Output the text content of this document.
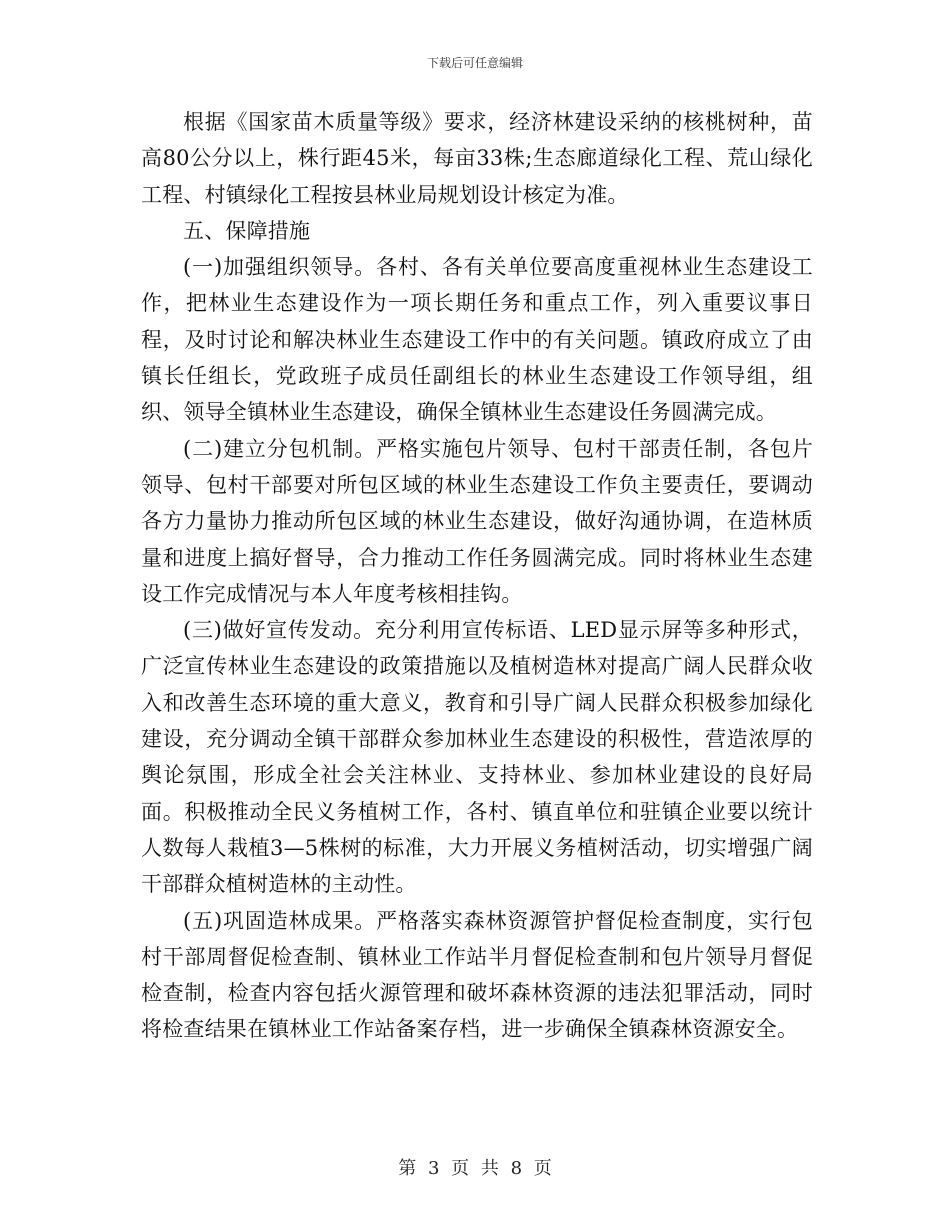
下载后可任意编辑

根据《国家苗木质量等级》要求，经济林建设采纳的核桃树种，苗高80公分以上，株行距45米，每亩33株;生态廊道绿化工程、荒山绿化工程、村镇绿化工程按县林业局规划设计核定为准。

五、保障措施

(一)加强组织领导。各村、各有关单位要高度重视林业生态建设工作，把林业生态建设作为一项长期任务和重点工作，列入重要议事日程，及时讨论和解决林业生态建设工作中的有关问题。镇政府成立了由镇长任组长，党政班子成员任副组长的林业生态建设工作领导组，组织、领导全镇林业生态建设，确保全镇林业生态建设任务圆满完成。

(二)建立分包机制。严格实施包片领导、包村干部责任制，各包片领导、包村干部要对所包区域的林业生态建设工作负主要责任，要调动各方力量协力推动所包区域的林业生态建设，做好沟通协调，在造林质量和进度上搞好督导，合力推动工作任务圆满完成。同时将林业生态建设工作完成情况与本人年度考核相挂钩。

(三)做好宣传发动。充分利用宣传标语、LED显示屏等多种形式，广泛宣传林业生态建设的政策措施以及植树造林对提高广阔人民群众收入和改善生态环境的重大意义，教育和引导广阔人民群众积极参加绿化建设，充分调动全镇干部群众参加林业生态建设的积极性，营造浓厚的舆论氛围，形成全社会关注林业、支持林业、参加林业建设的良好局面。积极推动全民义务植树工作，各村、镇直单位和驻镇企业要以统计人数每人栽植3—5株树的标准，大力开展义务植树活动，切实增强广阔干部群众植树造林的主动性。

(五)巩固造林成果。严格落实森林资源管护督促检查制度，实行包村干部周督促检查制、镇林业工作站半月督促检查制和包片领导月督促检查制，检查内容包括火源管理和破坏森林资源的违法犯罪活动，同时将检查结果在镇林业工作站备案存档，进一步确保全镇森林资源安全。

第 3 页 共 8 页
